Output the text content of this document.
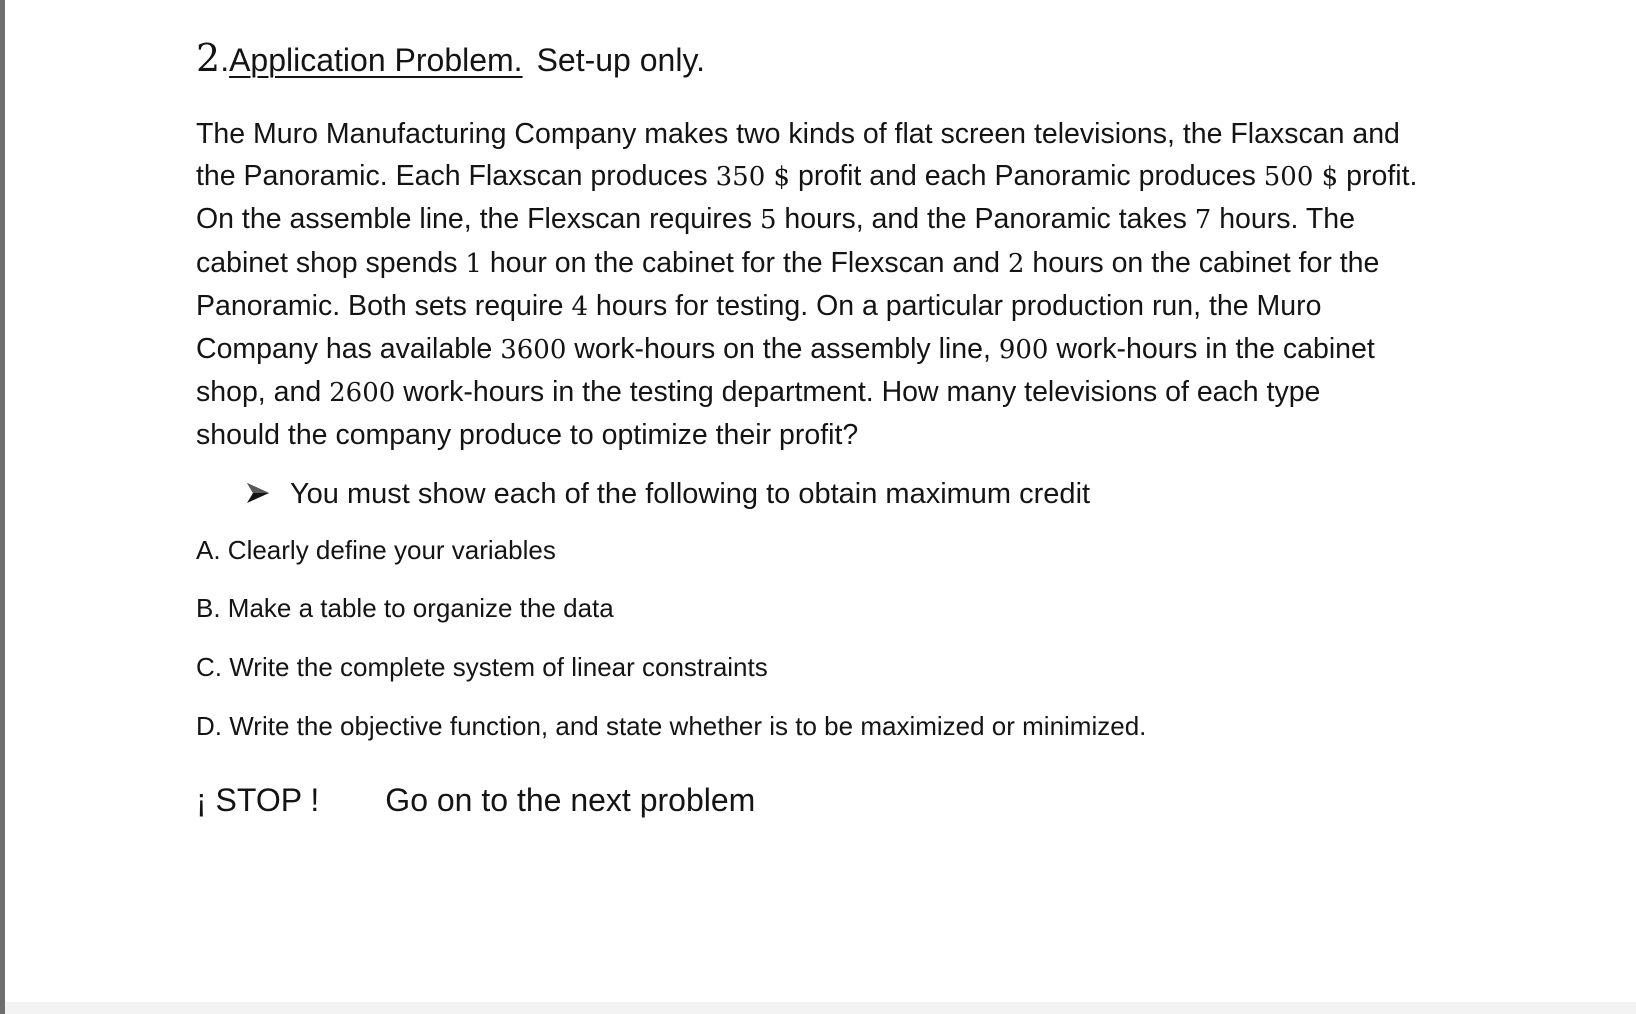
2.Application Problem. Set-up only.
The Muro Manufacturing Company makes two kinds of flat screen televisions, the Flaxscan and
the Panoramic. Each Flaxscan produces 350 $ profit and each Panoramic produces 500 $ profit.
On the assemble line, the Flexscan requires 5 hours, and the Panoramic takes 7 hours. The
cabinet shop spends 1 hour on the cabinet for the Flexscan and 2 hours on the cabinet for the
Panoramic. Both sets require 4 hours for testing. On a particular production run, the Muro
Company has available 3600 work-hours on the assembly line, 900 work-hours in the cabinet
shop, and 2600 work-hours in the testing department. How many televisions of each type
should the company produce to optimize their profit?
You must show each of the following to obtain maximum credit
A. Clearly define your variables
B. Make a table to organize the data
C. Write the complete system of linear constraints
D. Write the objective function, and state whether is to be maximized or minimized.
¡ STOP ! Go on to the next problem
